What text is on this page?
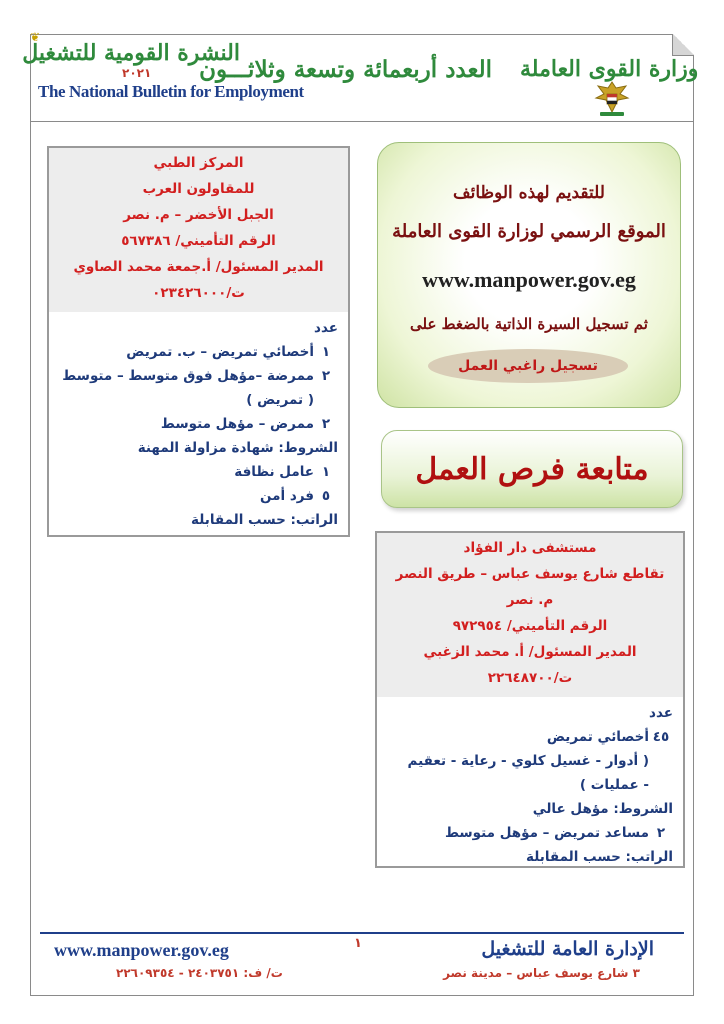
❦
النشرة القومية للتشغيل
٢٠٢١
The National Bulletin for Employment
العدد أربعمائة وتسعة وثلاثـــون وزارة القوى العاملة
المركز الطبي
للمقاولون العرب
الجبل الأخضر – م. نصر
الرقم التأميني/ ٥٦٧٣٨٦
المدير المسئول/ أ.جمعة محمد الصاوي
ت/٠٢٣٤٢٦٠٠٠
عدد
١
أخصائي تمريض – ب. تمريض
٢
ممرضة –مؤهل فوق متوسط – متوسط
( تمريض )
٢
ممرض – مؤهل متوسط
الشروط: شهادة مزاولة المهنة
١
عامل نظافة
٥
فرد أمن
الراتب: حسب المقابلة
للتقديم لهذه الوظائف
الموقع الرسمي لوزارة القوى العاملة
www.manpower.gov.eg
ثم تسجيل السيرة الذاتية بالضغط على
تسجيل راغبي العمل
متابعة فرص العمل
مستشفى دار الفؤاد
تقاطع شارع يوسف عباس – طريق النصر
م. نصر
الرقم التأميني/ ٩٧٢٩٥٤
المدير المسئول/ أ. محمد الزغبي
ت/٢٢٦٤٨٧٠٠
عدد
٤٥
أخصائي تمريض
( أدوار - غسيل كلوي - رعاية - تعقيم
- عمليات )
الشروط: مؤهل عالي
٢
مساعد تمريض – مؤهل متوسط
الراتب: حسب المقابلة
www.manpower.gov.eg	١	الإدارة العامة للتشغيل
٣ شارع يوسف عباس – مدينة نصر
ت/ ف: ٢٤٠٣٧٥١ - ٢٢٦٠٩٣٥٤
